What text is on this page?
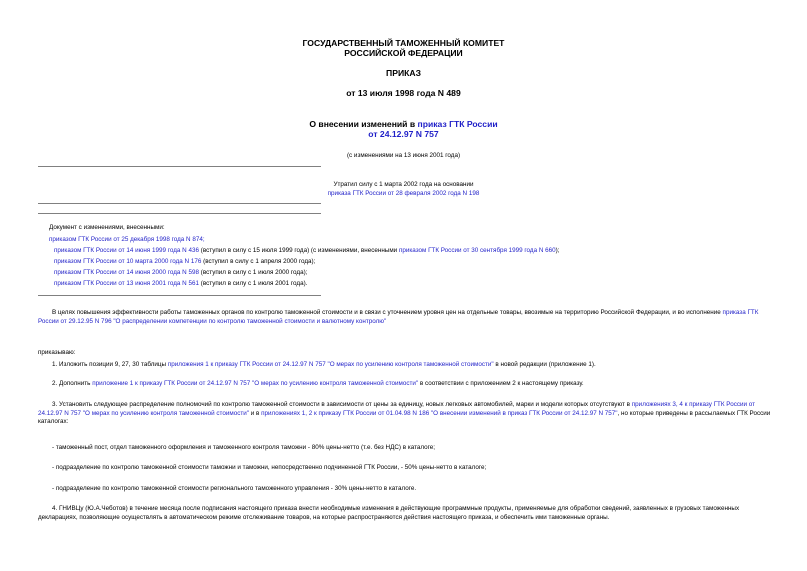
ГОСУДАРСТВЕННЫЙ ТАМОЖЕННЫЙ КОМИТЕТ
РОССИЙСКОЙ ФЕДЕРАЦИИ
ПРИКАЗ
от 13 июля 1998 года N 489
О внесении изменений в приказ ГТК России
от 24.12.97 N 757
(с изменениями на 13 июня 2001 года)
Утратил силу с 1 марта 2002 года на основании
приказа ГТК России от 28 февраля 2002 года N 198
Документ с изменениями, внесенными:
приказом ГТК России от 25 декабря 1998 года N 874;
приказом ГТК России от 14 июня 1999 года N 436 (вступил в силу с 15 июля 1999 года) (с изменениями, внесенными приказом ГТК России от 30 сентября 1999 года N 660);
приказом ГТК России от 10 марта 2000 года N 176 (вступил в силу с 1 апреля 2000 года);
приказом ГТК России от 14 июня 2000 года N 598 (вступил в силу с 1 июля 2000 года);
приказом ГТК России от 13 июня 2001 года N 561 (вступил в силу с 1 июля 2001 года).
В целях повышения эффективности работы таможенных органов по контролю таможенной стоимости и в связи с уточнением уровня цен на отдельные товары, ввозимые на территорию Российской Федерации, и во исполнение приказа ГТК России от 29.12.95 N 796 "О распределении компетенции по контролю таможенной стоимости и валютному контролю"
приказываю:
1. Изложить позиции 9, 27, 30 таблицы приложения 1 к приказу ГТК России от 24.12.97 N 757 "О мерах по усилению контроля таможенной стоимости" в новой редакции (приложение 1).
2. Дополнить приложение 1 к приказу ГТК России от 24.12.97 N 757 "О мерах по усилению контроля таможенной стоимости" в соответствии с приложением 2 к настоящему приказу.
3. Установить следующее распределение полномочий по контролю таможенной стоимости в зависимости от цены за единицу, новых легковых автомобилей, марки и модели которых отсутствуют в приложениях 3, 4 к приказу ГТК России от 24.12.97 N 757 "О мерах по усилению контроля таможенной стоимости" и в приложениях 1, 2 к приказу ГТК России от 01.04.98 N 186 "О внесении изменений в приказ ГТК России от 24.12.97 N 757", но которые приведены в рассылаемых ГТК России каталогах:
- таможенный пост, отдел таможенного оформления и таможенного контроля таможни - 80% цены-нетто (т.е. без НДС) в каталоге;
- подразделение по контролю таможенной стоимости таможни и таможни, непосредственно подчиненной ГТК России, - 50% цены-нетто в каталоге;
- подразделение по контролю таможенной стоимости регионального таможенного управления - 30% цены-нетто в каталоге.
4. ГНИВЦу (Ю.А.Чеботов) в течение месяца после подписания настоящего приказа внести необходимые изменения в действующие программные продукты, применяемые для обработки сведений, заявленных в грузовых таможенных декларациях, позволяющие осуществлять в автоматическом режиме отслеживание товаров, на которые распространяются действия настоящего приказа, и обеспечить ими таможенные органы.
